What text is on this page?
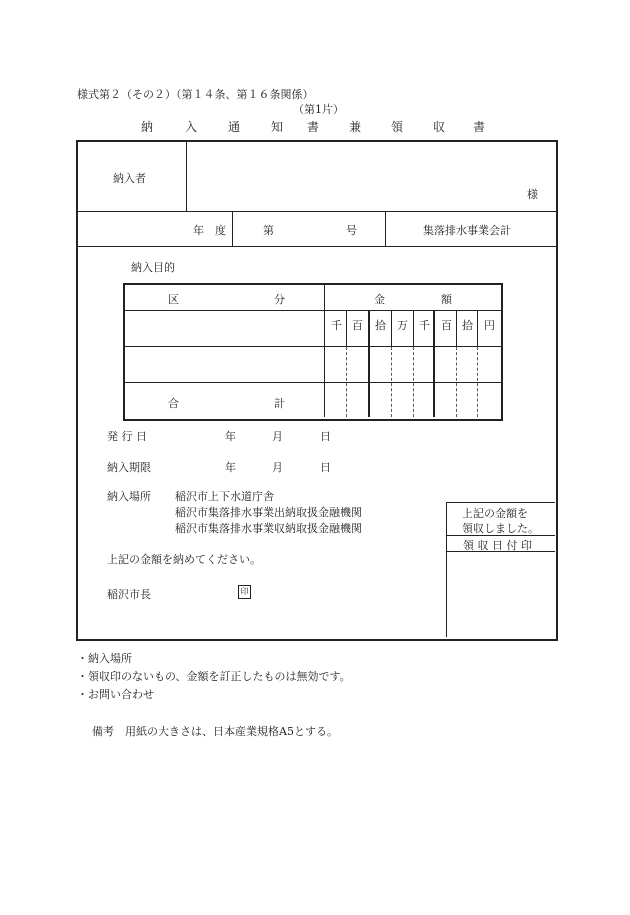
様式第２（その２）（第１４条、第１６条関係）
（第1片）
納	入	通	知 書 兼 領 収 書
納入者
様
年　度	第	号	集落排水事業会計
納入目的
区	分	金	額
千 百 拾 万 千 百 拾 円
合	計
発 行 日	年	月	日
納入期限	年	月	日
納入場所 稲沢市上下水道庁舎
稲沢市集落排水事業出納取扱金融機関
稲沢市集落排水事業収納取扱金融機関
上記の金額を
領収しました。
領 収 日 付 印
上記の金額を納めてください。
稲沢市長	印
・納入場所
・領収印のないもの、金額を訂正したものは無効です。
・お問い合わせ
備考　用紙の大きさは、日本産業規格A5とする。
